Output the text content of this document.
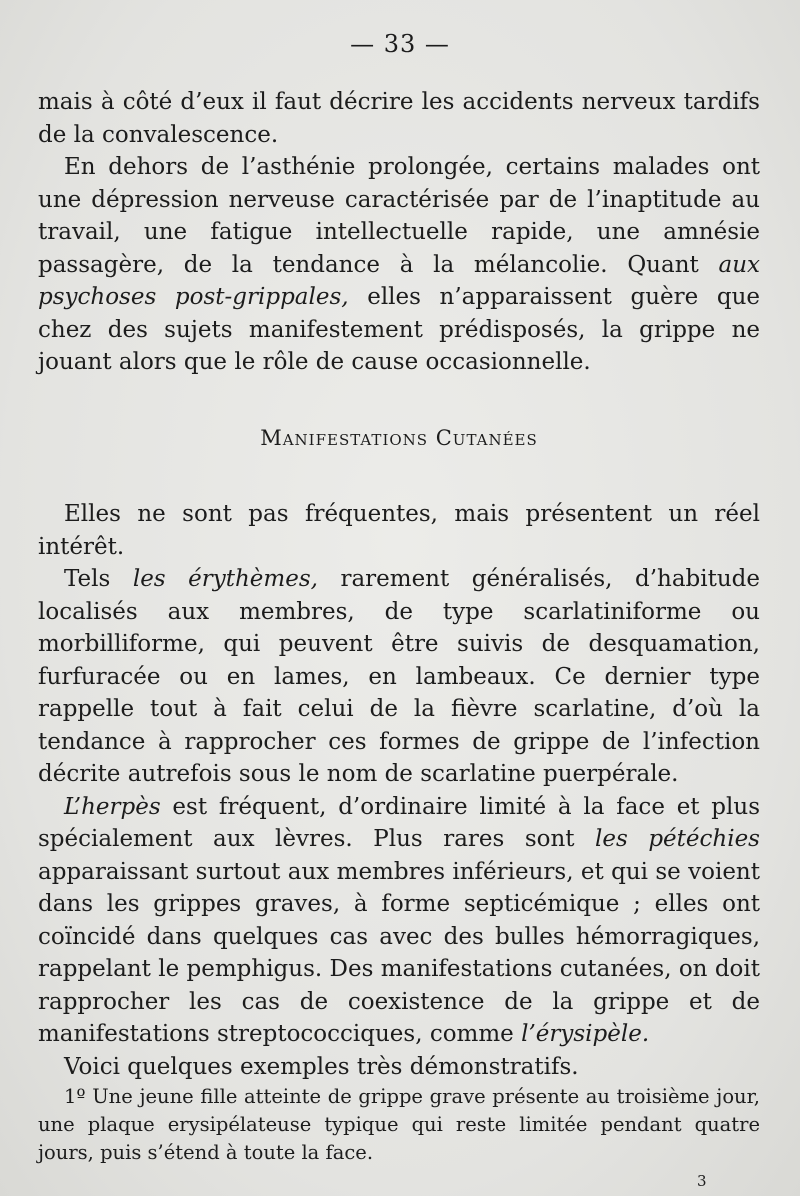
— 33 —

mais à côté d’eux il faut décrire les accidents nerveux tardifs de la convalescence.

En dehors de l’asthénie prolongée, certains malades ont une dépression nerveuse caractérisée par de l’inaptitude au travail, une fatigue intellectuelle rapide, une amnésie passagère, de la tendance à la mélancolie. Quant aux psychoses post-grippales, elles n’apparaissent guère que chez des sujets manifestement prédisposés, la grippe ne jouant alors que le rôle de cause occasionnelle.

Manifestations Cutanées

Elles ne sont pas fréquentes, mais présentent un réel intérêt.

Tels les érythèmes, rarement généralisés, d’habitude localisés aux membres, de type scarlatiniforme ou morbilliforme, qui peuvent être suivis de desquamation, furfuracée ou en lames, en lambeaux. Ce dernier type rappelle tout à fait celui de la fièvre scarlatine, d’où la tendance à rapprocher ces formes de grippe de l’infection décrite autrefois sous le nom de scarlatine puerpérale.

L’herpès est fréquent, d’ordinaire limité à la face et plus spécialement aux lèvres. Plus rares sont les pétéchies apparaissant surtout aux membres inférieurs, et qui se voient dans les grippes graves, à forme septicémique ; elles ont coïncidé dans quelques cas avec des bulles hémorragiques, rappelant le pemphigus. Des manifestations cutanées, on doit rapprocher les cas de coexistence de la grippe et de manifestations streptococciques, comme l’érysipèle.

Voici quelques exemples très démonstratifs.

1º Une jeune fille atteinte de grippe grave présente au troisième jour, une plaque erysipélateuse typique qui reste limitée pendant quatre jours, puis s’étend à toute la face.

3
